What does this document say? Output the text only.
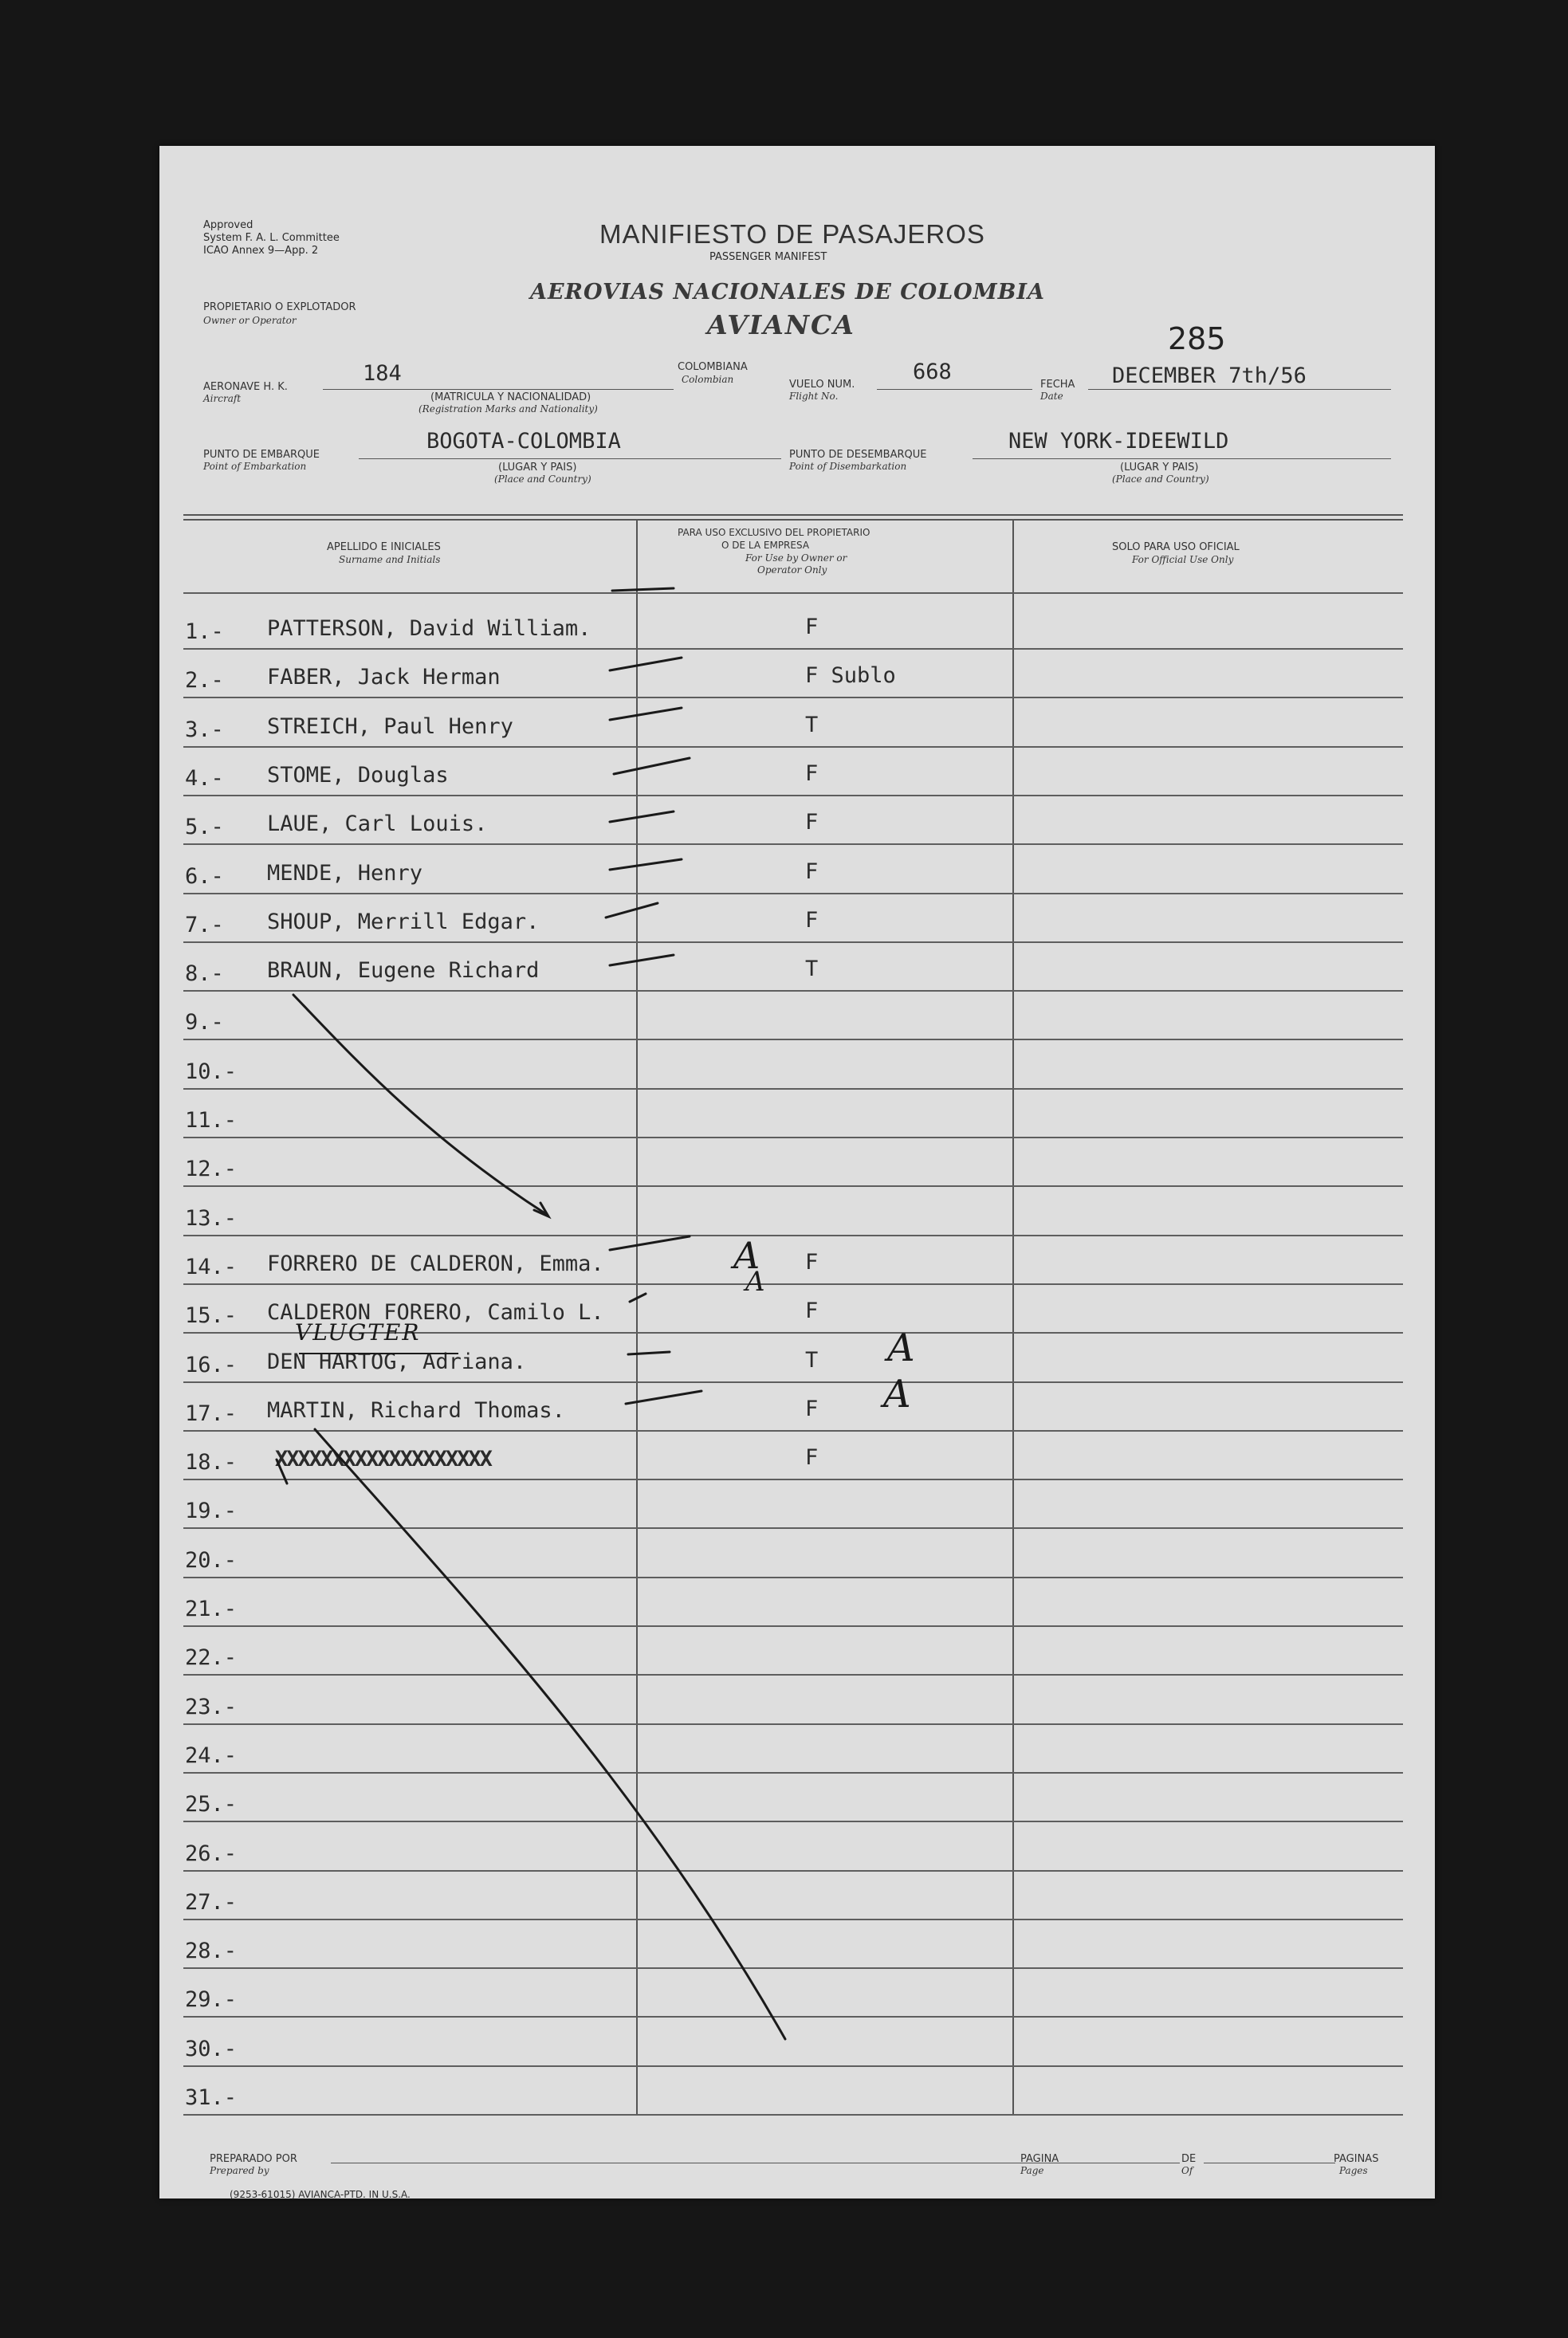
Approved
System F. A. L. Committee
ICAO Annex 9—App. 2
MANIFIESTO DE PASAJEROS
PASSENGER MANIFEST
PROPIETARIO O EXPLOTADOR
Owner or Operator
AEROVIAS NACIONALES DE COLOMBIA
AVIANCA	285
AERONAVE H. K.
Aircraft
184
(MATRICULA Y NACIONALIDAD)
(Registration Marks and Nationality)
COLOMBIANA
Colombian	VUELO NUM.
Flight No.
668
FECHA
Date
DECEMBER 7th/56
PUNTO DE EMBARQUE
Point of Embarkation
BOGOTA-COLOMBIA
(LUGAR Y PAIS)
(Place and Country)
PUNTO DE DESEMBARQUE
Point of Disembarkation
NEW YORK-IDEEWILD
(LUGAR Y PAIS)
(Place and Country)
APELLIDO E INICIALES
Surname and Initials
PARA USO EXCLUSIVO DEL PROPIETARIO
O DE LA EMPRESA
For Use by Owner or
Operator Only
SOLO PARA USO OFICIAL
For Official Use Only
1.- PATTERSON, David William.	F
2.- FABER, Jack Herman	F Sublo
3.- STREICH, Paul Henry	T
4.- STOME, Douglas	F
5.- LAUE, Carl Louis.	F
6.- MENDE, Henry	F
7.- SHOUP, Merrill Edgar.	F
8.- BRAUN, Eugene Richard	T
9.-
10.-
11.-
12.-
13.-
14.- FORRERO DE CALDERON, Emma.	F
15.- CALDERON FORERO, Camilo L.	F
16.- DEN HARTOG, Adriana.	T
17.- MARTIN, Richard Thomas.	F
18.- XXXXXXXXXXXXXXXXXXX	F
19.-
20.-
21.-
22.-
23.-
24.-
25.-
26.-
27.-
28.-
29.-
30.-
31.-
A
A
A
A
VLUGTER
PREPARADO POR
Prepared by
(9253-61015) AVIANCA-PTD. IN U.S.A.
PAGINA
Page
DE
Of
PAGINAS
Pages
